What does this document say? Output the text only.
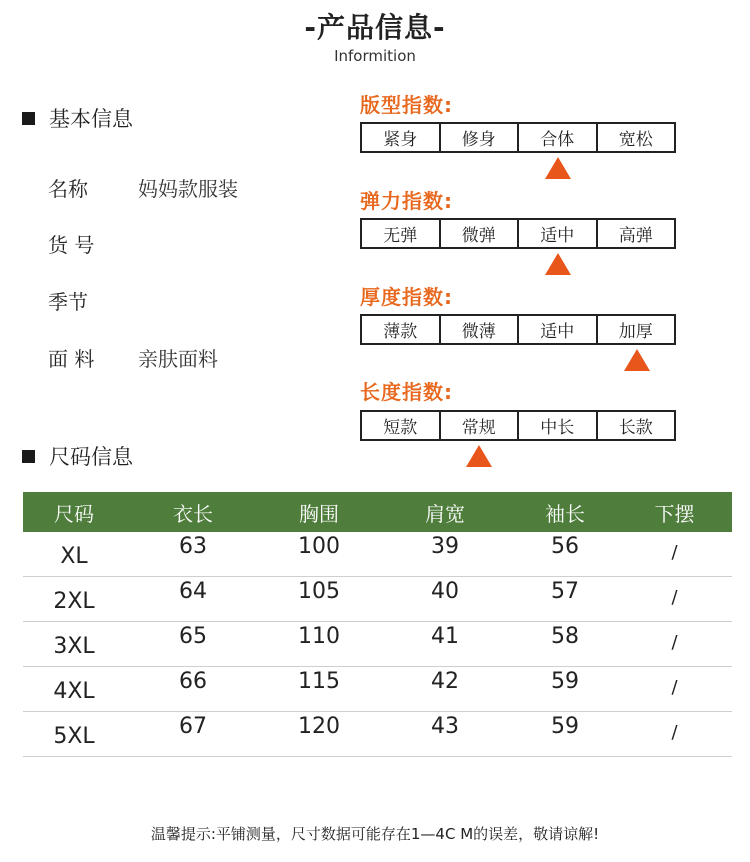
-产品信息-
Informition
基本信息
名称	妈妈款服装
货 号
季节
面 料	亲肤面料
版型指数:
紧身	修身	合体	宽松
弹力指数:
无弹	微弹	适中	高弹
厚度指数:
薄款	微薄	适中	加厚
长度指数:
短款	常规	中长	长款
尺码信息
尺码	衣长	胸围	肩宽	袖长	下摆
XL	63	100	39	56	/
2XL	64	105	40	57	/
3XL	65	110	41	58	/
4XL	66	115	42	59	/
5XL	67	120	43	59	/
温馨提示:平铺测量，尺寸数据可能存在1—4C M的误差，敬请谅解!
